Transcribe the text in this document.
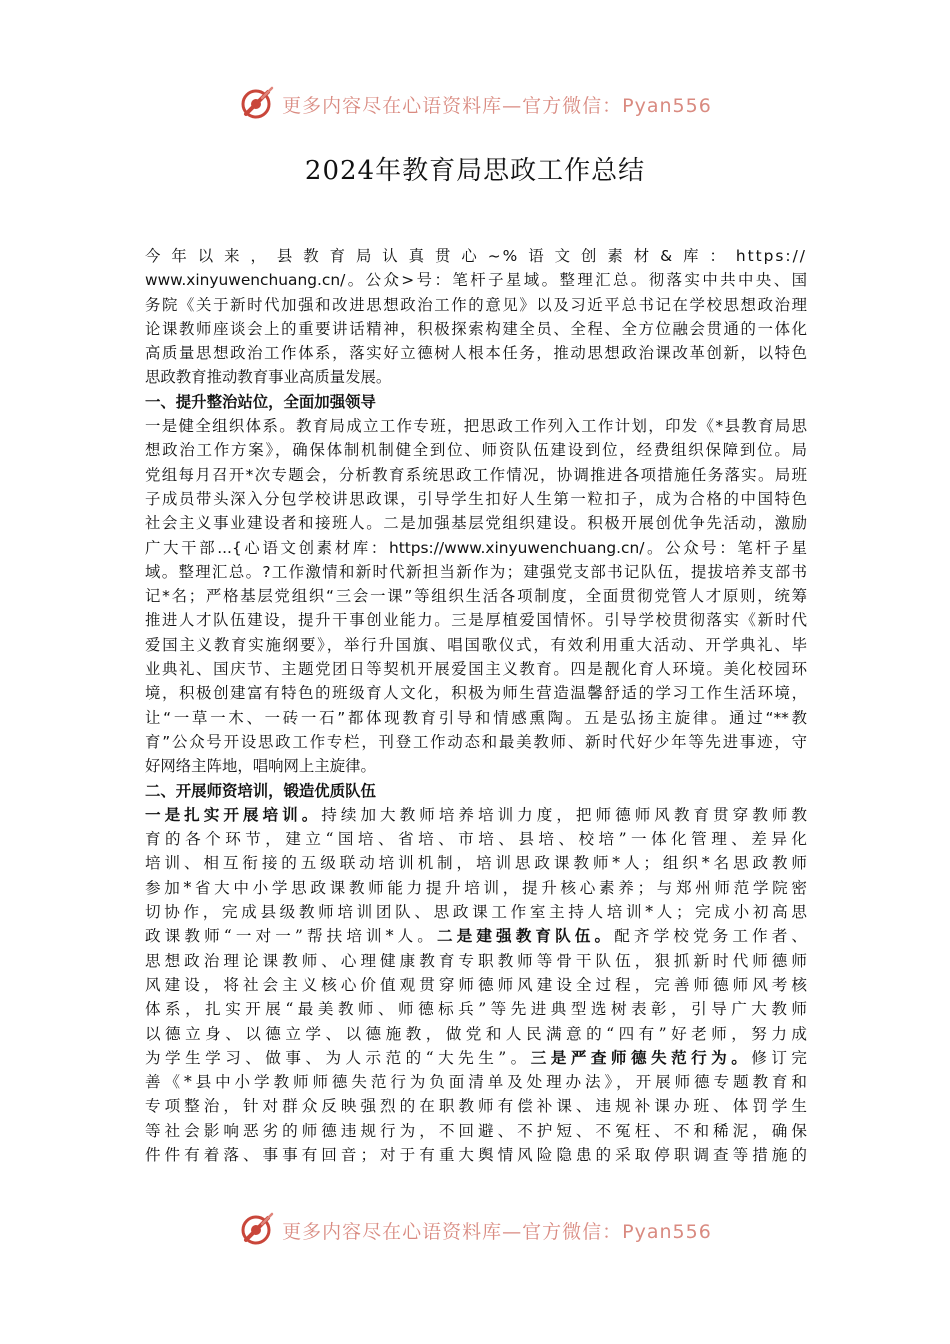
更多内容尽在心语资料库—官方微信：Pyan556
2024年教育局思政工作总结
今年以来，县教育局认真贯心~%语文创素材&库：https://
www.xinyuwenchuang.cn/。公众>号：笔杆子星域。整理汇总。彻落实中共中央、国
务院《关于新时代加强和改进思想政治工作的意见》以及习近平总书记在学校思想政治理
论课教师座谈会上的重要讲话精神，积极探索构建全员、全程、全方位融会贯通的一体化
高质量思想政治工作体系，落实好立德树人根本任务，推动思想政治课改革创新，以特色
思政教育推动教育事业高质量发展。
一、提升整治站位，全面加强领导
一是健全组织体系。教育局成立工作专班，把思政工作列入工作计划，印发《*县教育局思
想政治工作方案》，确保体制机制健全到位、师资队伍建设到位，经费组织保障到位。局
党组每月召开*次专题会，分析教育系统思政工作情况，协调推进各项措施任务落实。局班
子成员带头深入分包学校讲思政课，引导学生扣好人生第一粒扣子，成为合格的中国特色
社会主义事业建设者和接班人。二是加强基层党组织建设。积极开展创优争先活动，激励
广大干部...{心语文创素材库：https://www.xinyuwenchuang.cn/。公众号：笔杆子星
域。整理汇总。?工作激情和新时代新担当新作为；建强党支部书记队伍，提拔培养支部书
记*名；严格基层党组织“三会一课”等组织生活各项制度，全面贯彻党管人才原则，统筹
推进人才队伍建设，提升干事创业能力。三是厚植爱国情怀。引导学校贯彻落实《新时代
爱国主义教育实施纲要》，举行升国旗、唱国歌仪式，有效利用重大活动、开学典礼、毕
业典礼、国庆节、主题党团日等契机开展爱国主义教育。四是靓化育人环境。美化校园环
境，积极创建富有特色的班级育人文化，积极为师生营造温馨舒适的学习工作生活环境，
让“一草一木、一砖一石”都体现教育引导和情感熏陶。五是弘扬主旋律。通过“**教
育”公众号开设思政工作专栏，刊登工作动态和最美教师、新时代好少年等先进事迹，守
好网络主阵地，唱响网上主旋律。
二、开展师资培训，锻造优质队伍
一是扎实开展培训。持续加大教师培养培训力度，把师德师风教育贯穿教师教
育的各个环节，建立“国培、省培、市培、县培、校培”一体化管理、差异化
培训、相互衔接的五级联动培训机制，培训思政课教师*人；组织*名思政教师
参加*省大中小学思政课教师能力提升培训，提升核心素养；与郑州师范学院密
切协作，完成县级教师培训团队、思政课工作室主持人培训*人；完成小初高思
政课教师“一对一”帮扶培训*人。二是建强教育队伍。配齐学校党务工作者、
思想政治理论课教师、心理健康教育专职教师等骨干队伍，狠抓新时代师德师
风建设，将社会主义核心价值观贯穿师德师风建设全过程，完善师德师风考核
体系，扎实开展“最美教师、师德标兵”等先进典型选树表彰，引导广大教师
以德立身、以德立学、以德施教，做党和人民满意的“四有”好老师，努力成
为学生学习、做事、为人示范的“大先生”。三是严查师德失范行为。修订完
善《*县中小学教师师德失范行为负面清单及处理办法》，开展师德专题教育和
专项整治，针对群众反映强烈的在职教师有偿补课、违规补课办班、体罚学生
等社会影响恶劣的师德违规行为，不回避、不护短、不冤枉、不和稀泥，确保
件件有着落、事事有回音；对于有重大舆情风险隐患的采取停职调查等措施的
更多内容尽在心语资料库—官方微信：Pyan556
